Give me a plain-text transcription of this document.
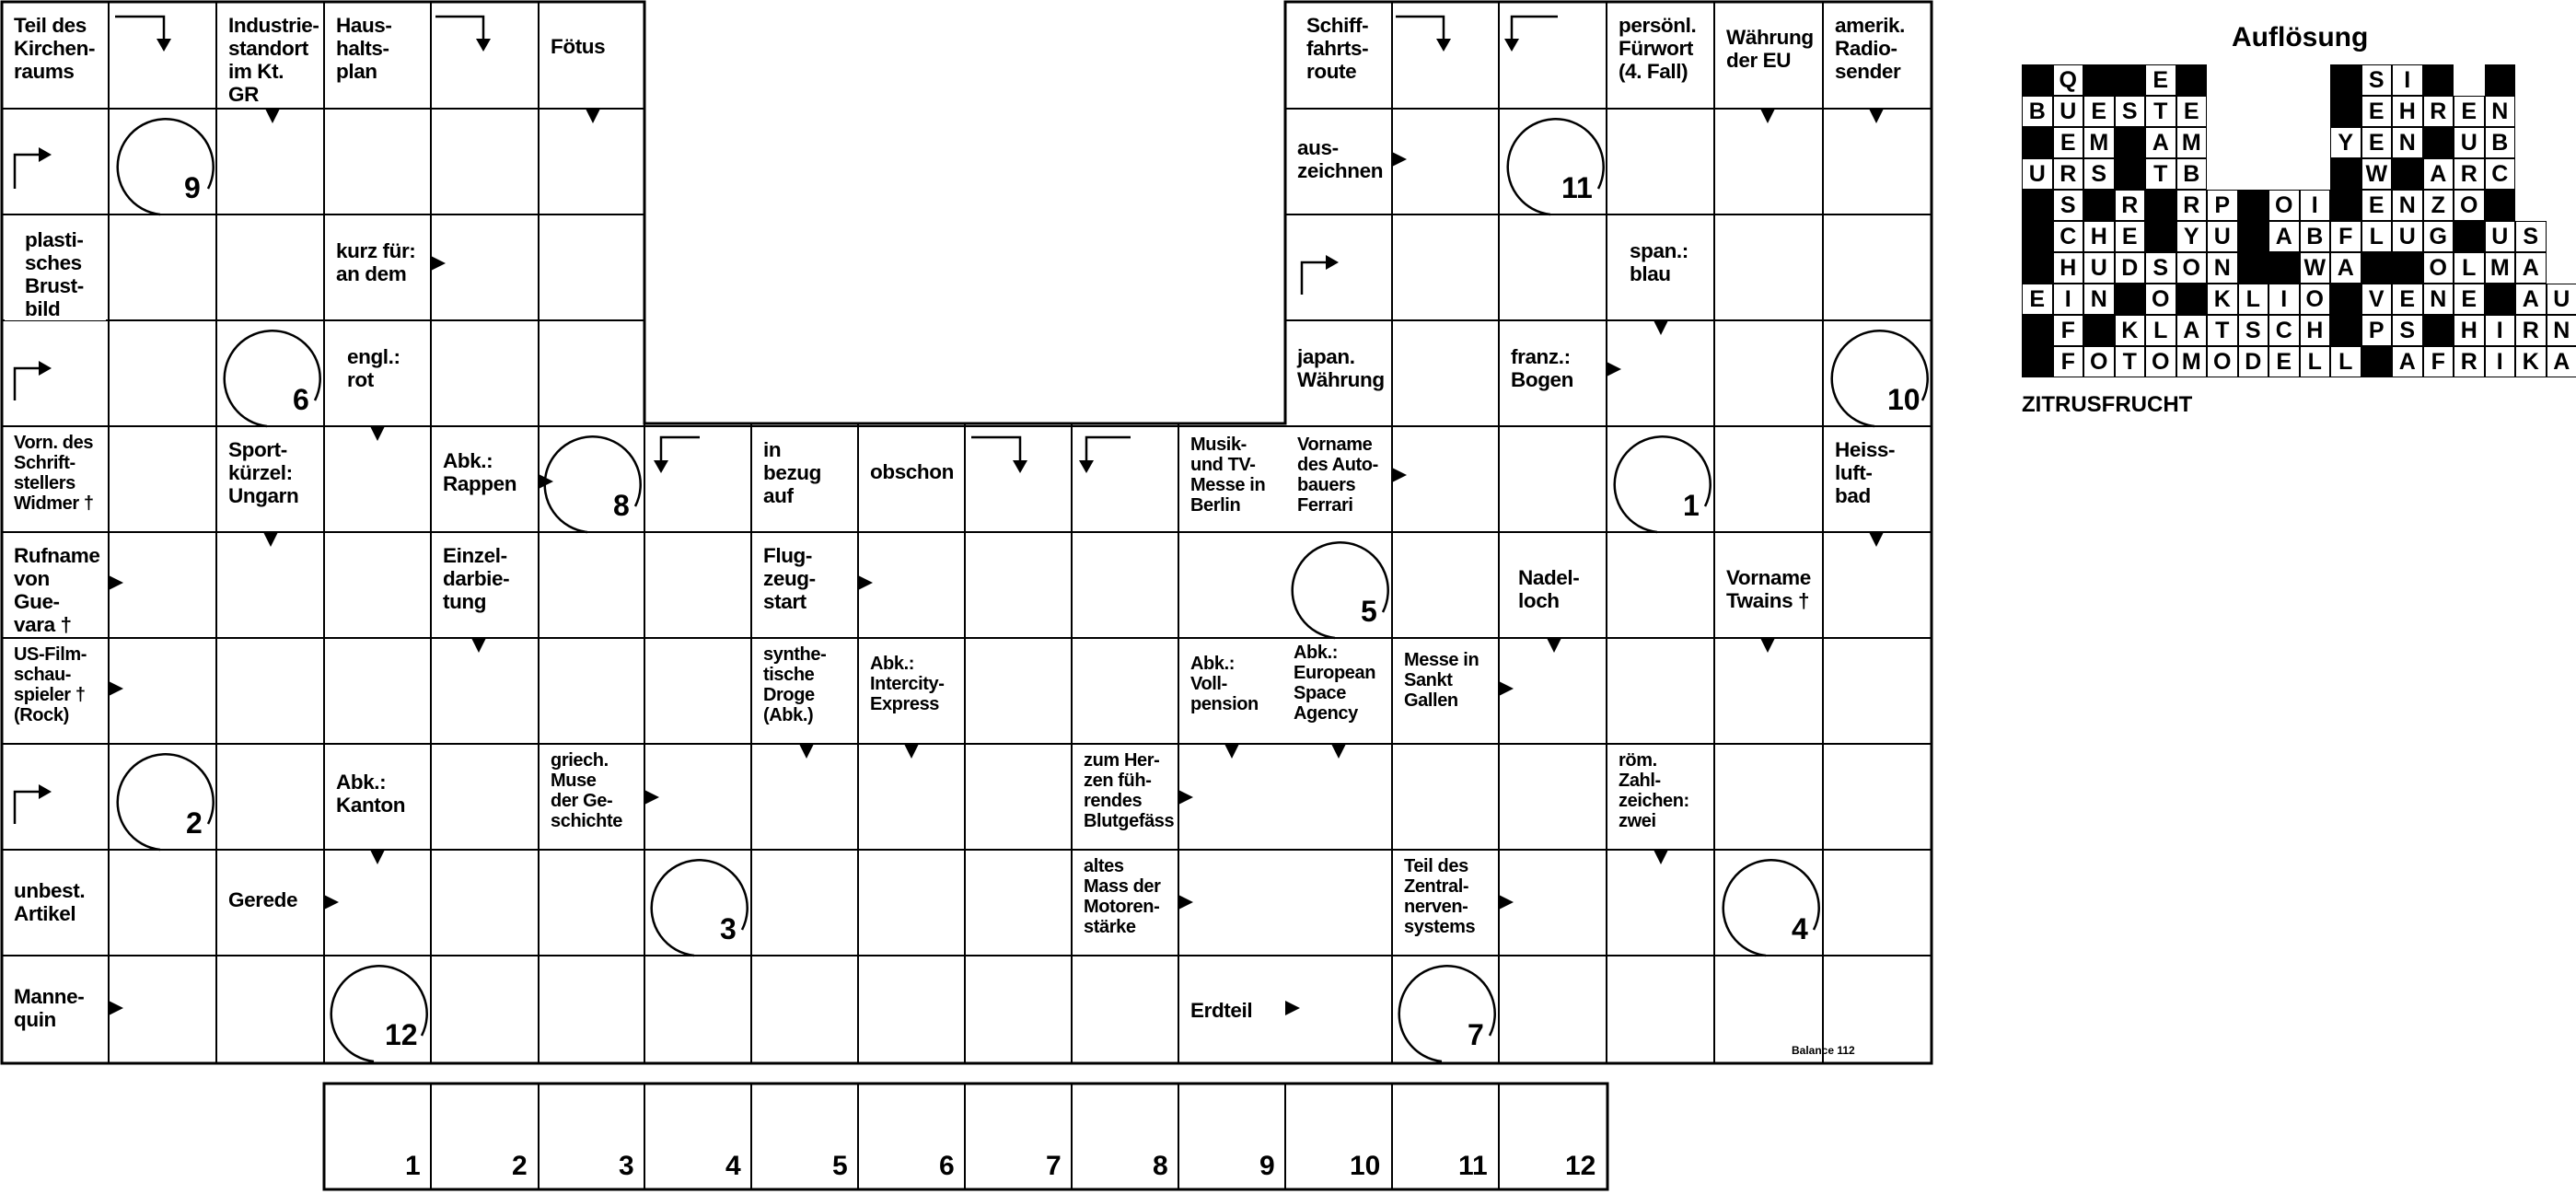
Teil des
Kirchen-
raums
Industrie-
standort
im Kt. GR
Haus-
halts-
plan
Fötus
Schiff-
fahrts-
route
persönl.
Fürwort
(4. Fall)
Währung
der EU
amerik.
Radio-
sender
aus-
zeichnen
plasti-
sches
Brust-
bild
kurz für:
an dem
span.:
blau
engl.:
rot
japan.
Währung
franz.:
Bogen
Vorn. des
Schrift-
stellers
Widmer †
Sport-
kürzel:
Ungarn
Abk.:
Rappen
in
bezug
auf
obschon
Musik-
und TV-
Messe in
Berlin
Vorname
des Auto-
bauers
Ferrari
Heiss-
luft-
bad
Rufname
von Gue-
vara †
Einzel-
darbie-
tung
Flug-
zeug-
start
Nadel-
loch
Vorname
Twains †
US-Film-
schau-
spieler †
(Rock)
synthe-
tische
Droge
(Abk.)
Abk.:
Intercity-
Express
Abk.:
Voll-
pension
Abk.:
European
Space
Agency
Messe in
Sankt
Gallen
Abk.:
Kanton
griech.
Muse
der Ge-
schichte
zum Her-
zen füh-
rendes
Blutgefäss
röm.
Zahl-
zeichen:
zwei
unbest.
Artikel
Gerede
altes
Mass der
Motoren-
stärke
Teil des
Zentral-
nerven-
systems
Manne-
quin	Erdteil
9
6
8	1
11
10
5
2
3	4
12	7	Balance 112
1	2	3	4	5	6	7	8	9	10	11	12
Auflösung
Q	E	S I
B U E S T E	E H R E N
E M	A M	Y E N	U B
U R S	T B	W	A R C
S	R	R P	O I	E N Z O
C H E	Y U	A B F L U G	U S
H U D S O N	W A	O L M A
E I N	O	K L I O	V E N E	A U
F	K L A T S C H	P S	H I R N
F O T O M O D E L L	A F R I K A
ZITRUSFRUCHT
